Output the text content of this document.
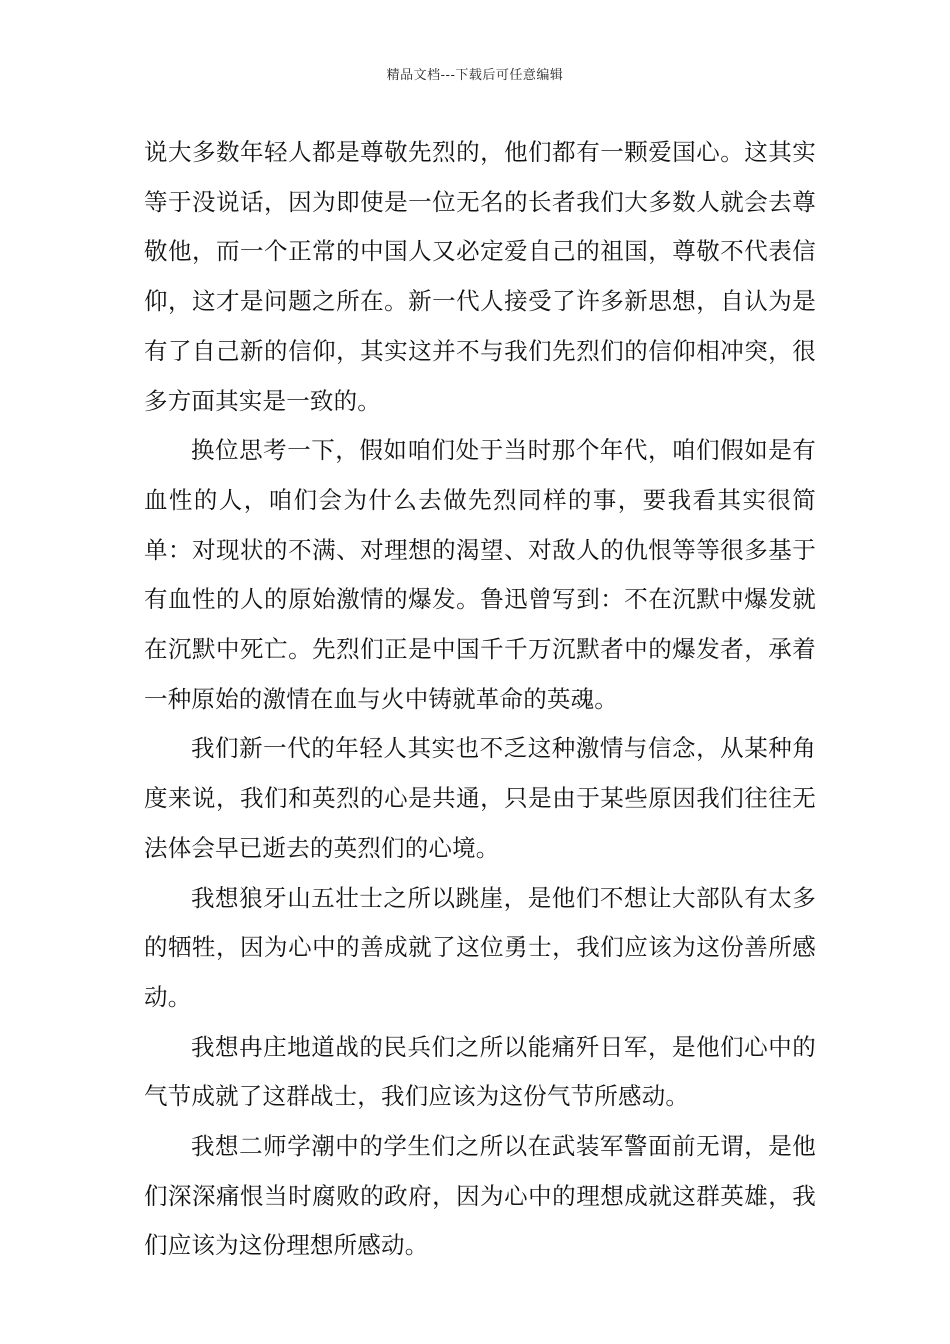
精品文档---下载后可任意编辑

说大多数年轻人都是尊敬先烈的，他们都有一颗爱国心。这其实等于没说话，因为即使是一位无名的长者我们大多数人就会去尊敬他，而一个正常的中国人又必定爱自己的祖国，尊敬不代表信仰，这才是问题之所在。新一代人接受了许多新思想，自认为是有了自己新的信仰，其实这并不与我们先烈们的信仰相冲突，很多方面其实是一致的。

换位思考一下，假如咱们处于当时那个年代，咱们假如是有血性的人，咱们会为什么去做先烈同样的事，要我看其实很简单：对现状的不满、对理想的渴望、对敌人的仇恨等等很多基于有血性的人的原始激情的爆发。鲁迅曾写到：不在沉默中爆发就在沉默中死亡。先烈们正是中国千千万沉默者中的爆发者，承着一种原始的激情在血与火中铸就革命的英魂。

我们新一代的年轻人其实也不乏这种激情与信念，从某种角度来说，我们和英烈的心是共通，只是由于某些原因我们往往无法体会早已逝去的英烈们的心境。

我想狼牙山五壮士之所以跳崖，是他们不想让大部队有太多的牺牲，因为心中的善成就了这位勇士，我们应该为这份善所感动。

我想冉庄地道战的民兵们之所以能痛歼日军，是他们心中的气节成就了这群战士，我们应该为这份气节所感动。

我想二师学潮中的学生们之所以在武装军警面前无谓，是他们深深痛恨当时腐败的政府，因为心中的理想成就这群英雄，我们应该为这份理想所感动。
